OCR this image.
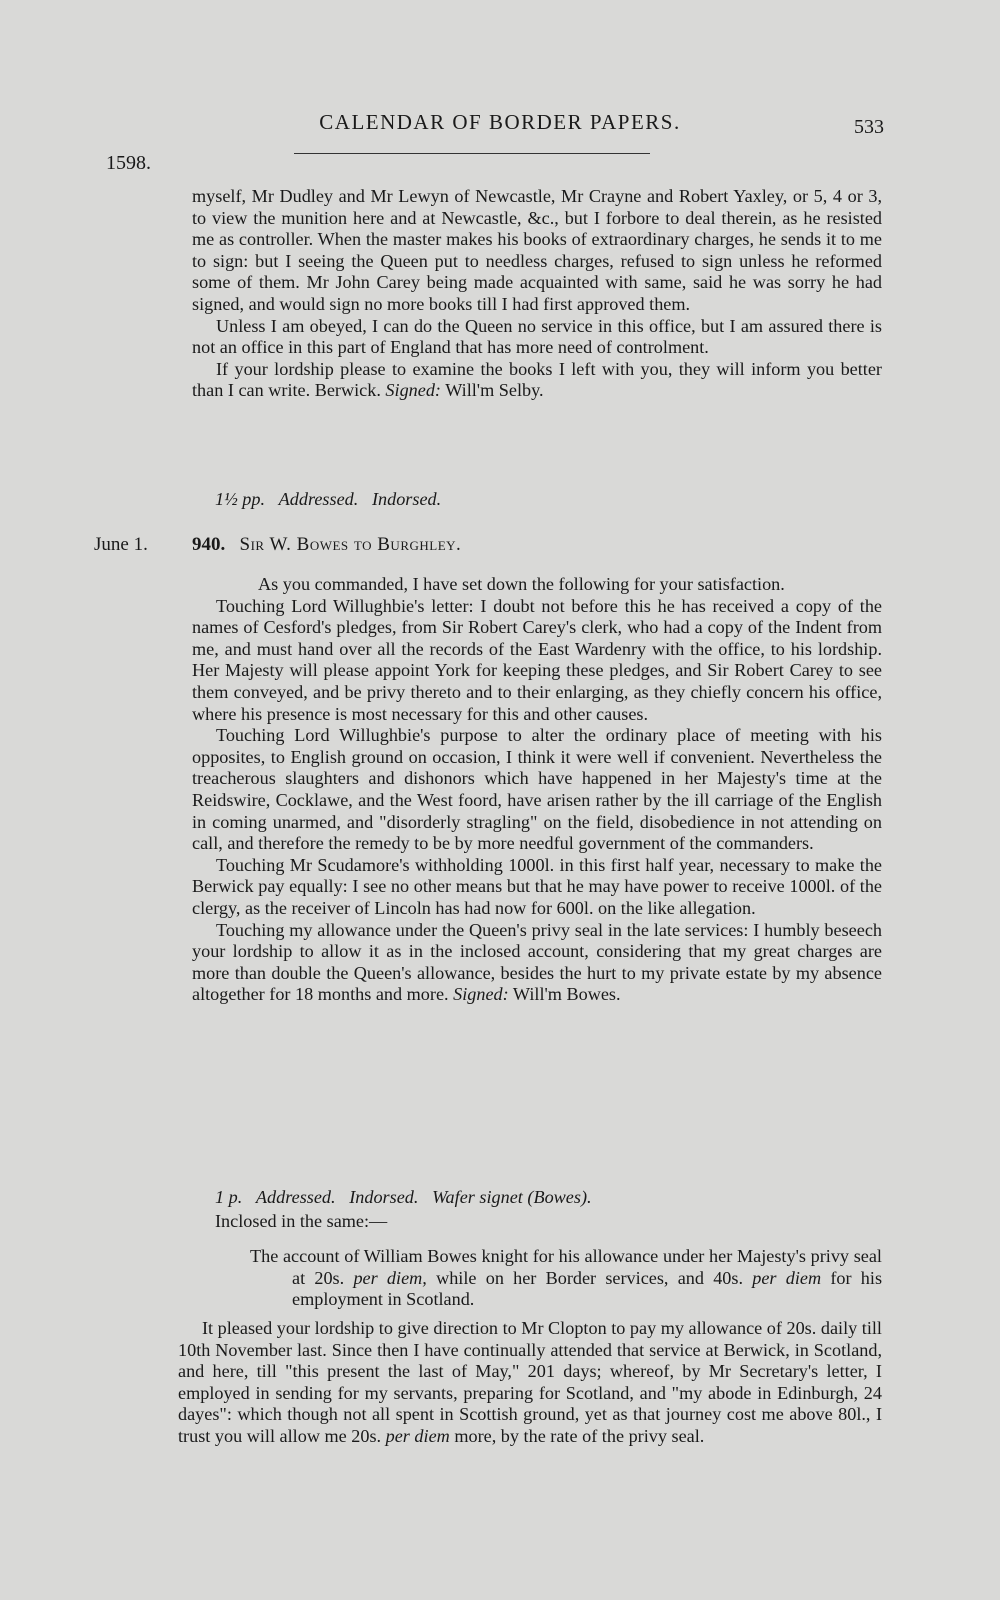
CALENDAR OF BORDER PAPERS.	533
1598.

myself, Mr Dudley and Mr Lewyn of Newcastle, Mr Crayne and Robert Yaxley, or 5, 4 or 3, to view the munition here and at Newcastle, &c., but I forbore to deal therein, as he resisted me as controller. When the master makes his books of extraordinary charges, he sends it to me to sign: but I seeing the Queen put to needless charges, refused to sign unless he reformed some of them. Mr John Carey being made acquainted with same, said he was sorry he had signed, and would sign no more books till I had first approved them.

Unless I am obeyed, I can do the Queen no service in this office, but I am assured there is not an office in this part of England that has more need of controlment.

If your lordship please to examine the books I left with you, they will inform you better than I can write. Berwick. Signed: Will'm Selby.

1½ pp. Addressed. Indorsed.
June 1. 940. Sir W. Bowes to Burghley.

As you commanded, I have set down the following for your satisfaction.

Touching Lord Willughbie's letter: I doubt not before this he has received a copy of the names of Cesford's pledges, from Sir Robert Carey's clerk, who had a copy of the Indent from me, and must hand over all the records of the East Wardenry with the office, to his lordship. Her Majesty will please appoint York for keeping these pledges, and Sir Robert Carey to see them conveyed, and be privy thereto and to their enlarging, as they chiefly concern his office, where his presence is most necessary for this and other causes.

Touching Lord Willughbie's purpose to alter the ordinary place of meeting with his opposites, to English ground on occasion, I think it were well if convenient. Nevertheless the treacherous slaughters and dishonors which have happened in her Majesty's time at the Reidswire, Cocklawe, and the West foord, have arisen rather by the ill carriage of the English in coming unarmed, and "disorderly stragling" on the field, disobedience in not attending on call, and therefore the remedy to be by more needful government of the commanders.

Touching Mr Scudamore's withholding 1000l. in this first half year, necessary to make the Berwick pay equally: I see no other means but that he may have power to receive 1000l. of the clergy, as the receiver of Lincoln has had now for 600l. on the like allegation.

Touching my allowance under the Queen's privy seal in the late services: I humbly beseech your lordship to allow it as in the inclosed account, considering that my great charges are more than double the Queen's allowance, besides the hurt to my private estate by my absence altogether for 18 months and more. Signed: Will'm Bowes.

1 p. Addressed. Indorsed. Wafer signet (Bowes).
Inclosed in the same:—

The account of William Bowes knight for his allowance under her Majesty's privy seal at 20s. per diem, while on her Border services, and 40s. per diem for his employment in Scotland.

It pleased your lordship to give direction to Mr Clopton to pay my allowance of 20s. daily till 10th November last. Since then I have continually attended that service at Berwick, in Scotland, and here, till "this present the last of May," 201 days; whereof, by Mr Secretary's letter, I employed in sending for my servants, preparing for Scotland, and "my abode in Edinburgh, 24 dayes": which though not all spent in Scottish ground, yet as that journey cost me above 80l., I trust you will allow me 20s. per diem more, by the rate of the privy seal.
